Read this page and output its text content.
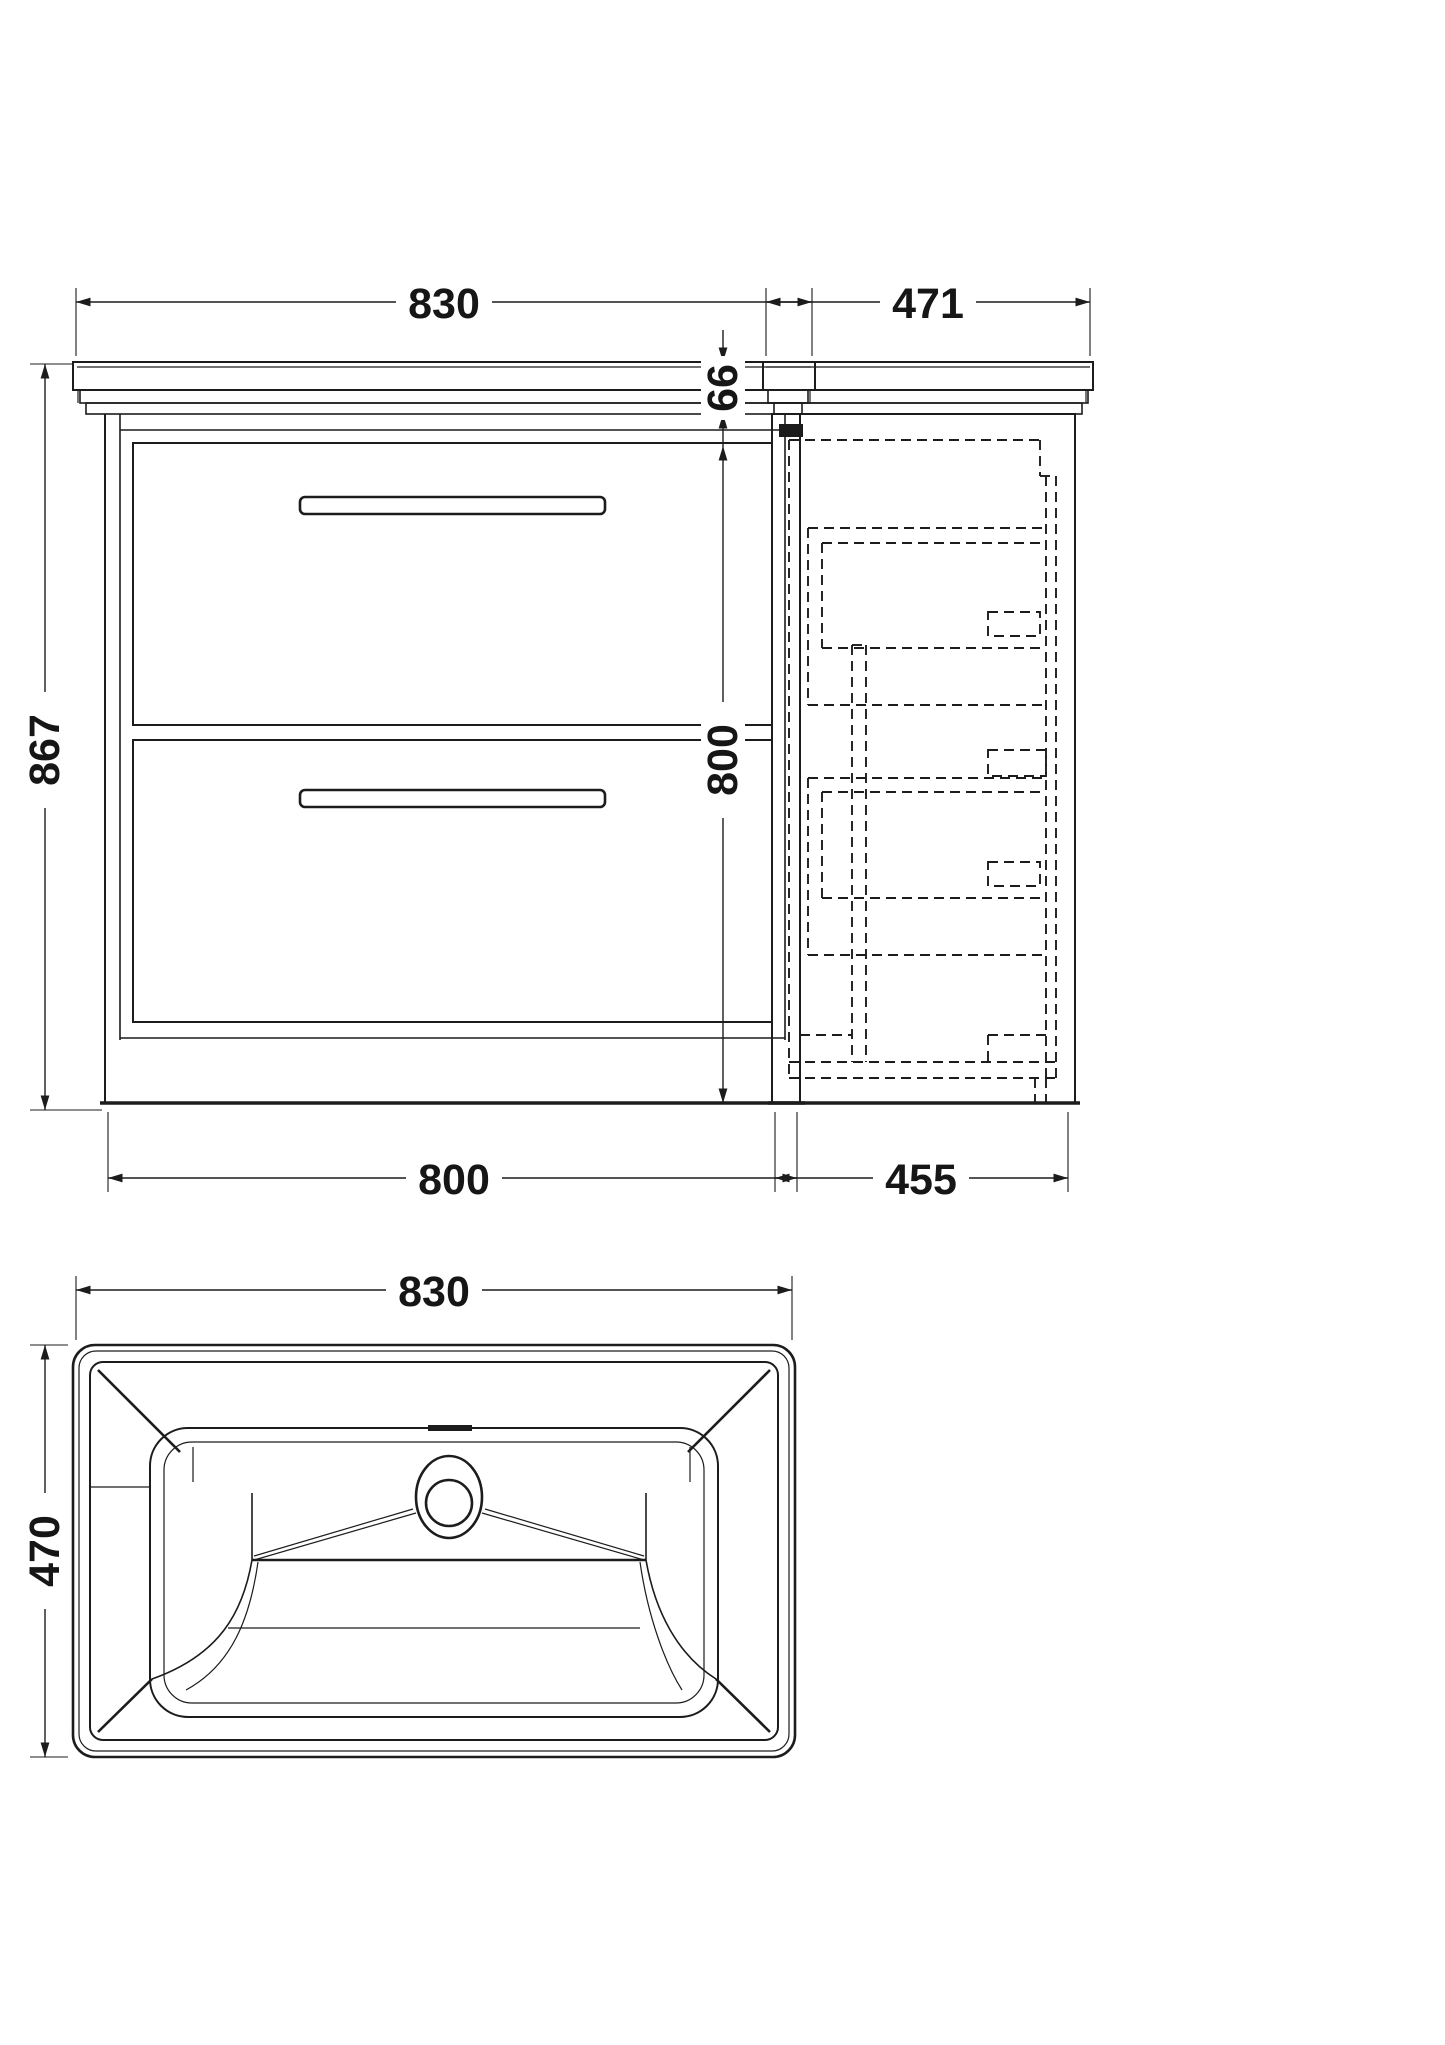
830
867
800
471
66
800
455
830
470
